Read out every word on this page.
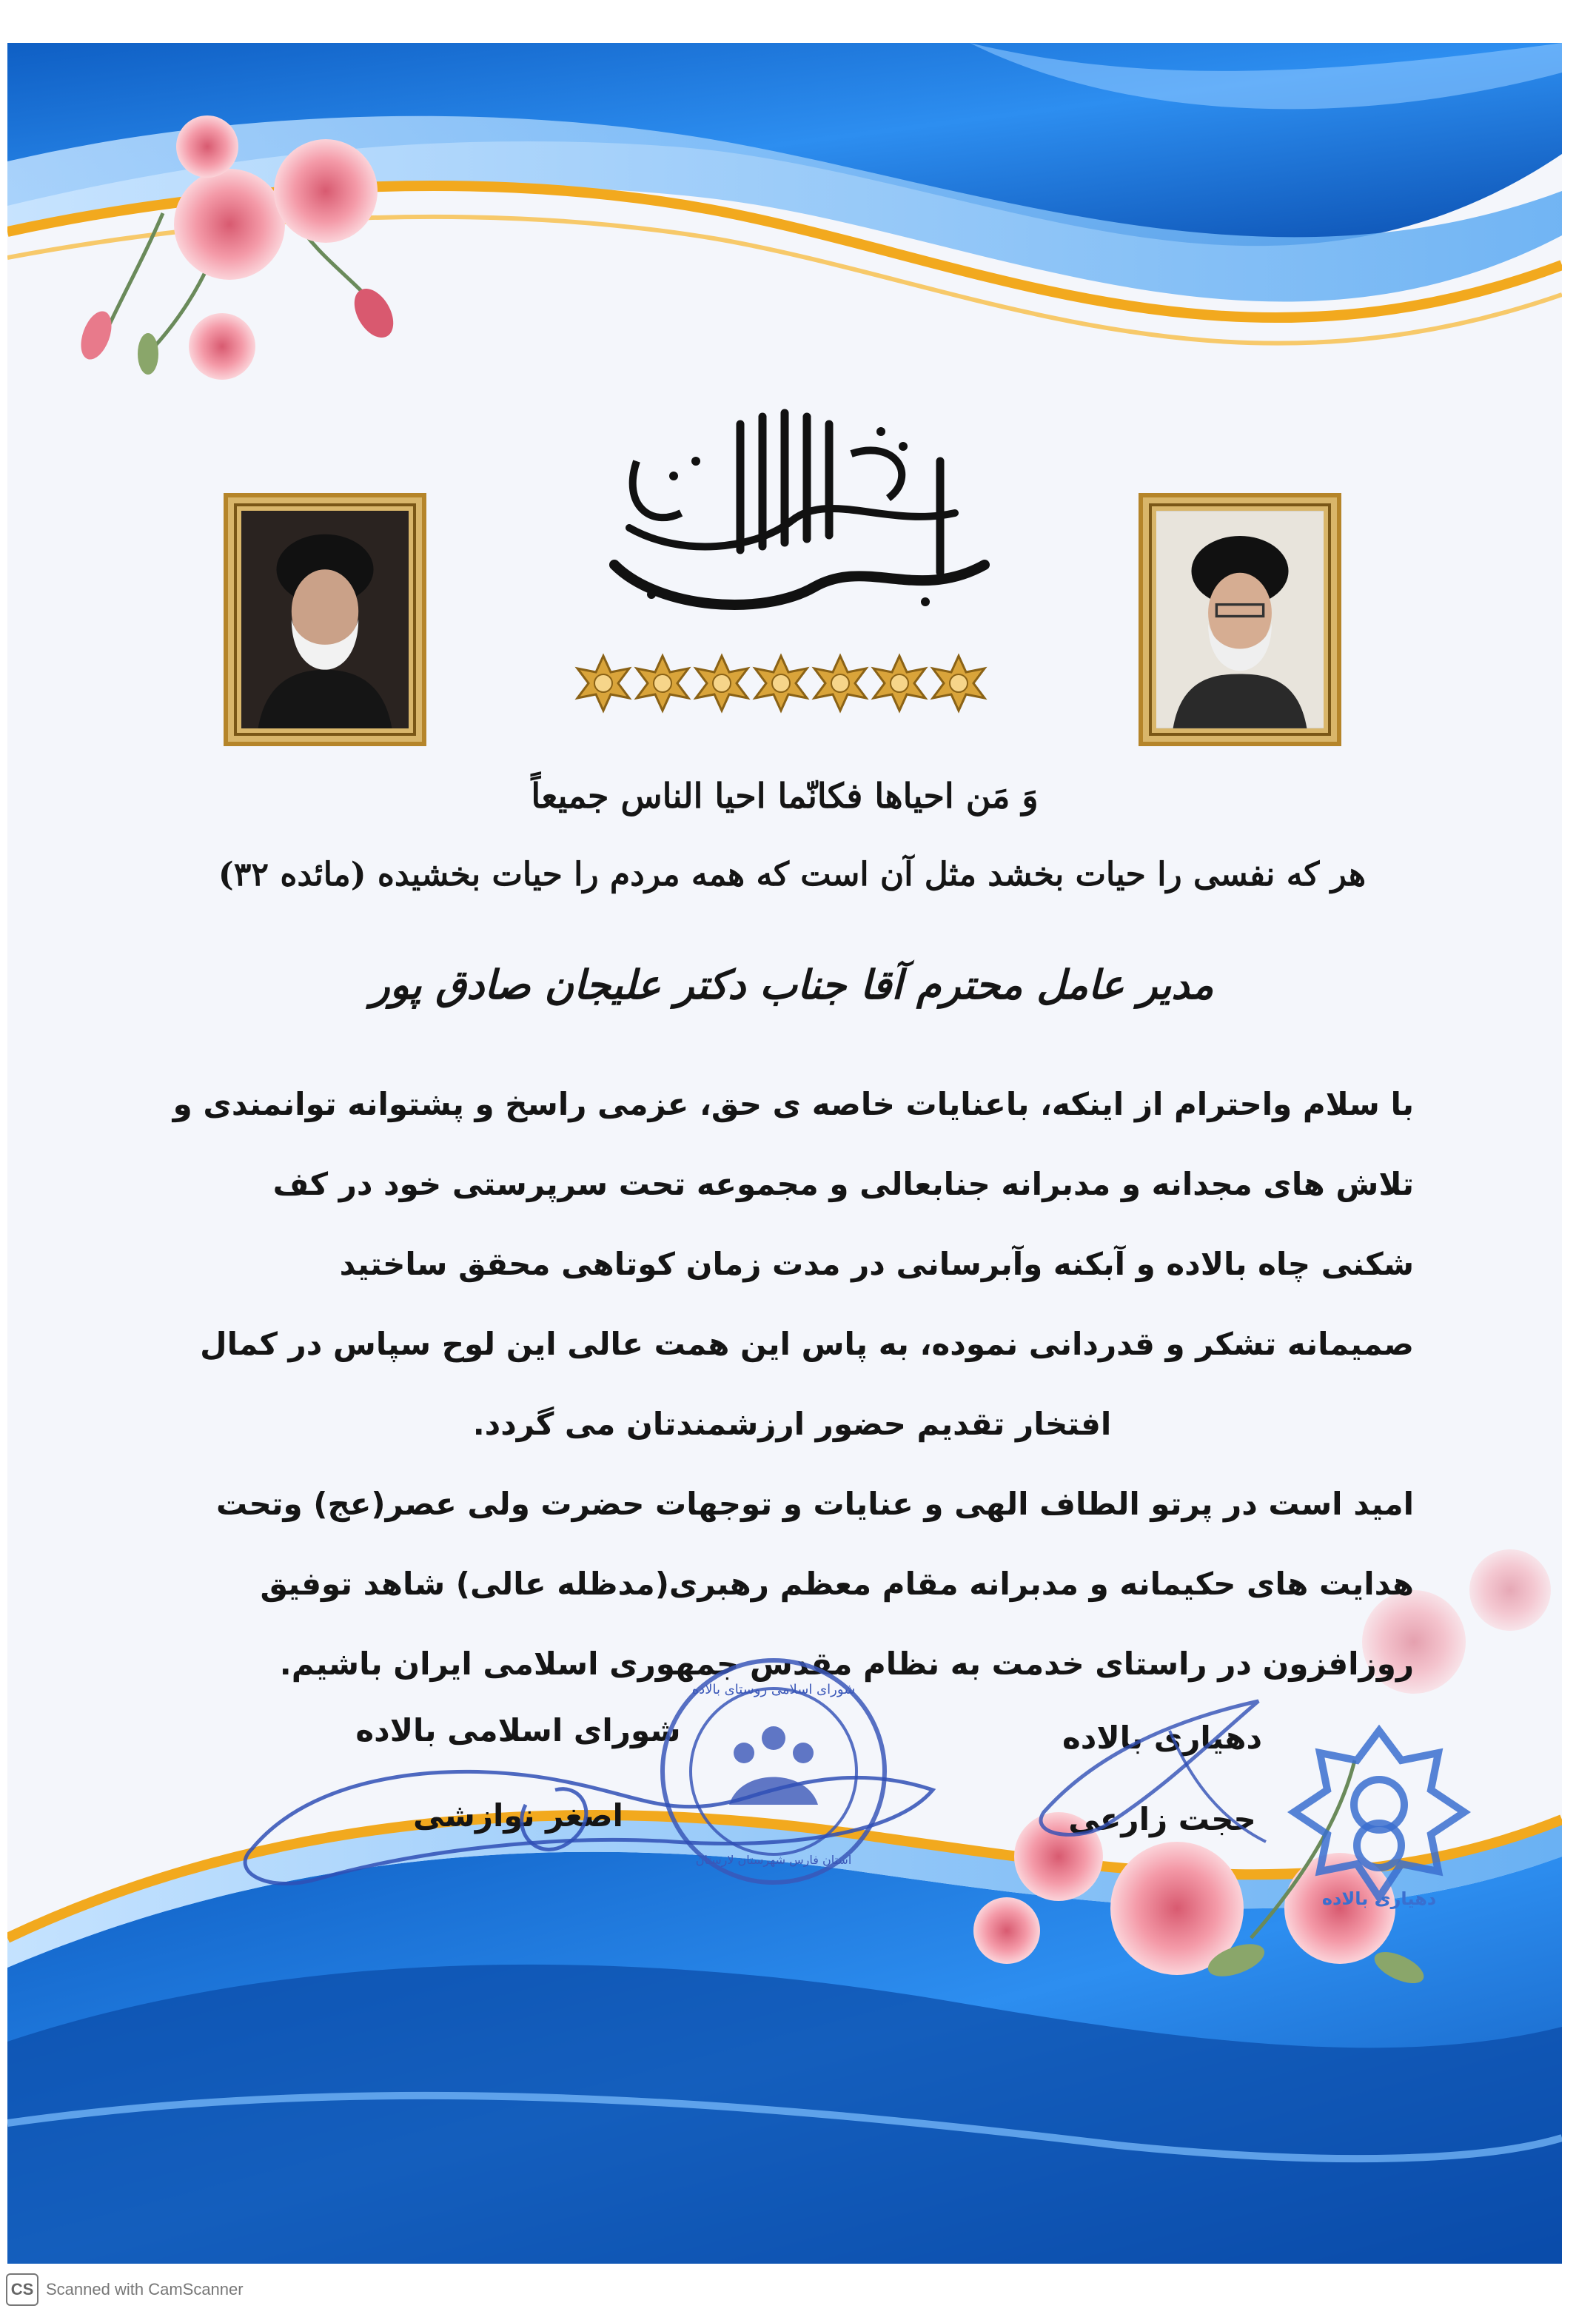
وَ مَن احیاها فکانّما احیا الناس جمیعاً
هر که نفسی را حیات بخشد مثل آن است که همه مردم را حیات بخشیده (مائده ۳۲)
مدیر عامل محترم آقا جناب دکتر علیجان صادق پور

با سلام واحترام از اینکه، باعنایات خاصه ی حق، عزمی راسخ و پشتوانه توانمندی و

تلاش های مجدانه و مدبرانه جنابعالی و مجموعه تحت سرپرستی خود در کف

شکنی چاه بالاده و آبکنه وآبرسانی در مدت زمان کوتاهی محقق ساختید

صمیمانه تشکر و قدردانی نموده، به پاس این همت عالی این لوح سپاس در کمال

افتخار تقدیم حضور ارزشمندتان می گردد.

امید است در پرتو الطاف الهی و عنایات و توجهات حضرت ولی عصر(عج) وتحت

هدایت های حکیمانه و مدبرانه مقام معظم رهبری(مدظله عالی) شاهد توفیق

روزافزون در راستای خدمت به نظام مقدس جمهوری اسلامی ایران باشیم.

شورای اسلامی بالاده
اصغر نوازشی
دهیاری بالاده
حجت زارعی
شورای اسلامی روستای بالاده
استان فارس شهرستان لارستان
دهیاری بالاده
CS Scanned with CamScanner
